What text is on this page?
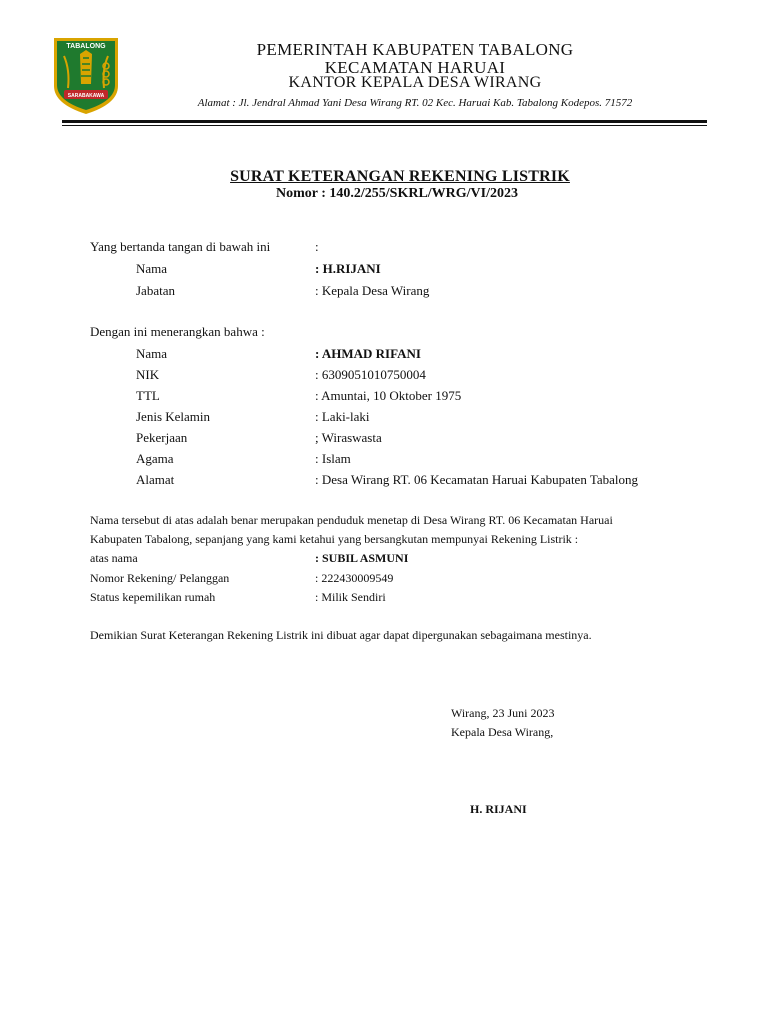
TABALONG
SARABAKAWA
PEMERINTAH KABUPATEN TABALONG
KECAMATAN HARUAI
KANTOR KEPALA DESA WIRANG
Alamat : Jl. Jendral Ahmad Yani Desa Wirang RT. 02 Kec. Haruai Kab. Tabalong Kodepos. 71572
SURAT KETERANGAN REKENING LISTRIK
Nomor : 140.2/255/SKRL/WRG/VI/2023
Yang bertanda tangan di bawah ini	:
Nama	: H.RIJANI
Jabatan	: Kepala Desa Wirang
Dengan ini menerangkan bahwa :
Nama	: AHMAD RIFANI
NIK	: 6309051010750004
TTL	: Amuntai, 10 Oktober 1975
Jenis Kelamin	: Laki-laki
Pekerjaan	; Wiraswasta
Agama	: Islam
Alamat	: Desa Wirang RT. 06 Kecamatan Haruai Kabupaten Tabalong
Nama tersebut di atas adalah benar merupakan penduduk menetap di Desa Wirang RT. 06 Kecamatan Haruai
Kabupaten Tabalong, sepanjang yang kami ketahui yang bersangkutan mempunyai Rekening Listrik :
atas nama	: SUBIL ASMUNI
Nomor Rekening/ Pelanggan	: 222430009549
Status kepemilikan rumah	: Milik Sendiri
Demikian Surat Keterangan Rekening Listrik ini dibuat agar dapat dipergunakan sebagaimana mestinya.
Wirang, 23 Juni 2023
Kepala Desa Wirang,
H. RIJANI
